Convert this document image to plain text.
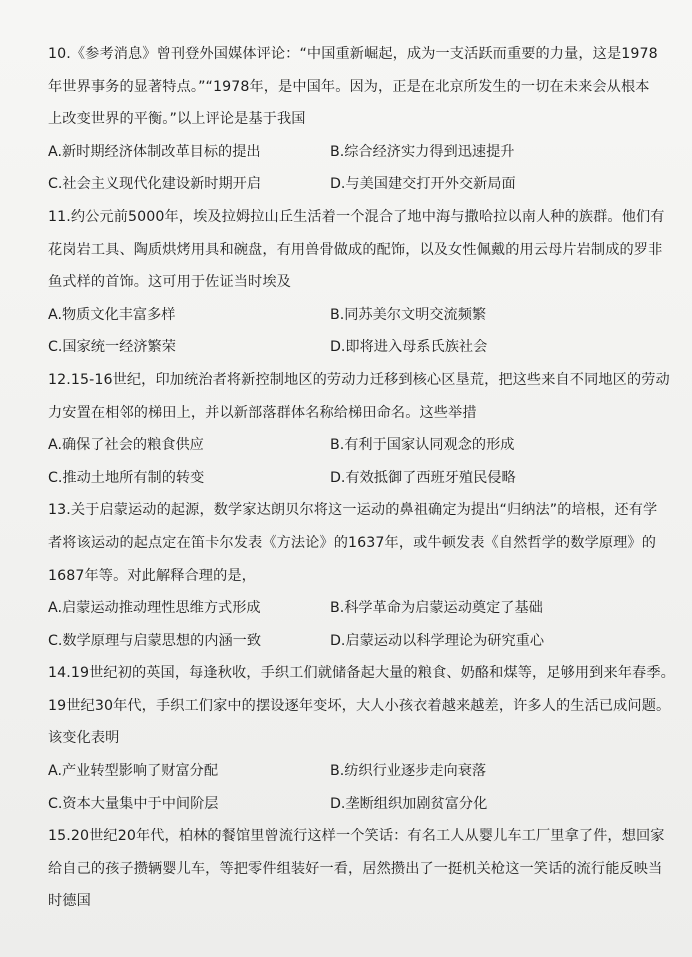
10.《参考消息》曾刊登外国媒体评论：“中国重新崛起，成为一支活跃而重要的力量，这是1978

年世界事务的显著特点。”“1978年，是中国年。因为，正是在北京所发生的一切在未来会从根本

上改变世界的平衡。”以上评论是基于我国

A.新时期经济体制改革目标的提出	B.综合经济实力得到迅速提升
C.社会主义现代化建设新时期开启	D.与美国建交打开外交新局面

11.约公元前5000年，埃及拉姆拉山丘生活着一个混合了地中海与撒哈拉以南人种的族群。他们有

花岗岩工具、陶质烘烤用具和碗盘，有用兽骨做成的配饰，以及女性佩戴的用云母片岩制成的罗非

鱼式样的首饰。这可用于佐证当时埃及

A.物质文化丰富多样	B.同苏美尔文明交流频繁
C.国家统一经济繁荣	D.即将进入母系氏族社会

12.15-16世纪，印加统治者将新控制地区的劳动力迁移到核心区垦荒，把这些来自不同地区的劳动

力安置在相邻的梯田上，并以新部落群体名称给梯田命名。这些举措

A.确保了社会的粮食供应	B.有利于国家认同观念的形成
C.推动土地所有制的转变	D.有效抵御了西班牙殖民侵略

13.关于启蒙运动的起源，数学家达朗贝尔将这一运动的鼻祖确定为提出“归纳法”的培根，还有学

者将该运动的起点定在笛卡尔发表《方法论》的1637年，或牛顿发表《自然哲学的数学原理》的

1687年等。对此解释合理的是，

A.启蒙运动推动理性思维方式形成	B.科学革命为启蒙运动奠定了基础
C.数学原理与启蒙思想的内涵一致	D.启蒙运动以科学理论为研究重心

14.19世纪初的英国，每逢秋收，手织工们就储备起大量的粮食、奶酪和煤等，足够用到来年春季。

19世纪30年代，手织工们家中的摆设逐年变坏，大人小孩衣着越来越差，许多人的生活已成问题。

该变化表明

A.产业转型影响了财富分配	B.纺织行业逐步走向衰落
C.资本大量集中于中间阶层	D.垄断组织加剧贫富分化

15.20世纪20年代，柏林的餐馆里曾流行这样一个笑话：有名工人从婴儿车工厂里拿了件，想回家

给自己的孩子攒辆婴儿车，等把零件组装好一看，居然攒出了一挺机关枪这一笑话的流行能反映当

时德国
